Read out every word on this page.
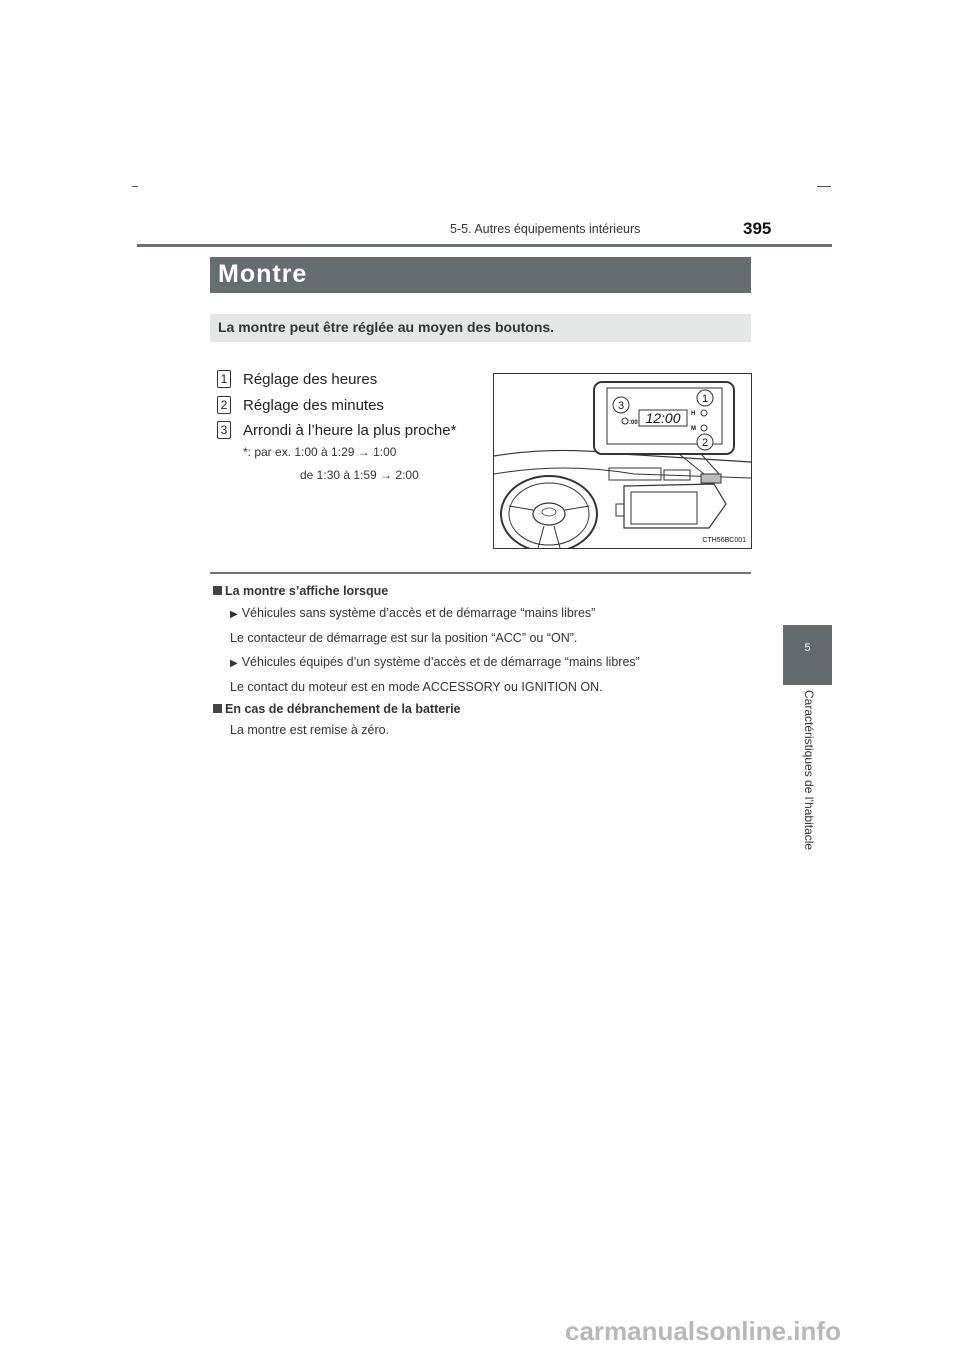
5-5. Autres équipements intérieurs	395
5
Caractéristiques de l’habitacle
Montre
La montre peut être réglée au moyen des boutons.
1 Réglage des heures
2 Réglage des minutes
3 Arrondi à l’heure la plus proche*
*: par ex. 1:00 à 1:29 → 1:00
de 1:30 à 1:59 → 2:00
12:00
:00
H
M
1
2
3
CTH56BC001
La montre s’affiche lorsque
▶ Véhicules sans système d’accès et de démarrage “mains libres”
Le contacteur de démarrage est sur la position “ACC” ou “ON”.
▶ Véhicules équipés d’un système d’accès et de démarrage “mains libres”
Le contact du moteur est en mode ACCESSORY ou IGNITION ON.
En cas de débranchement de la batterie
La montre est remise à zéro.
carmanualsonline.info
